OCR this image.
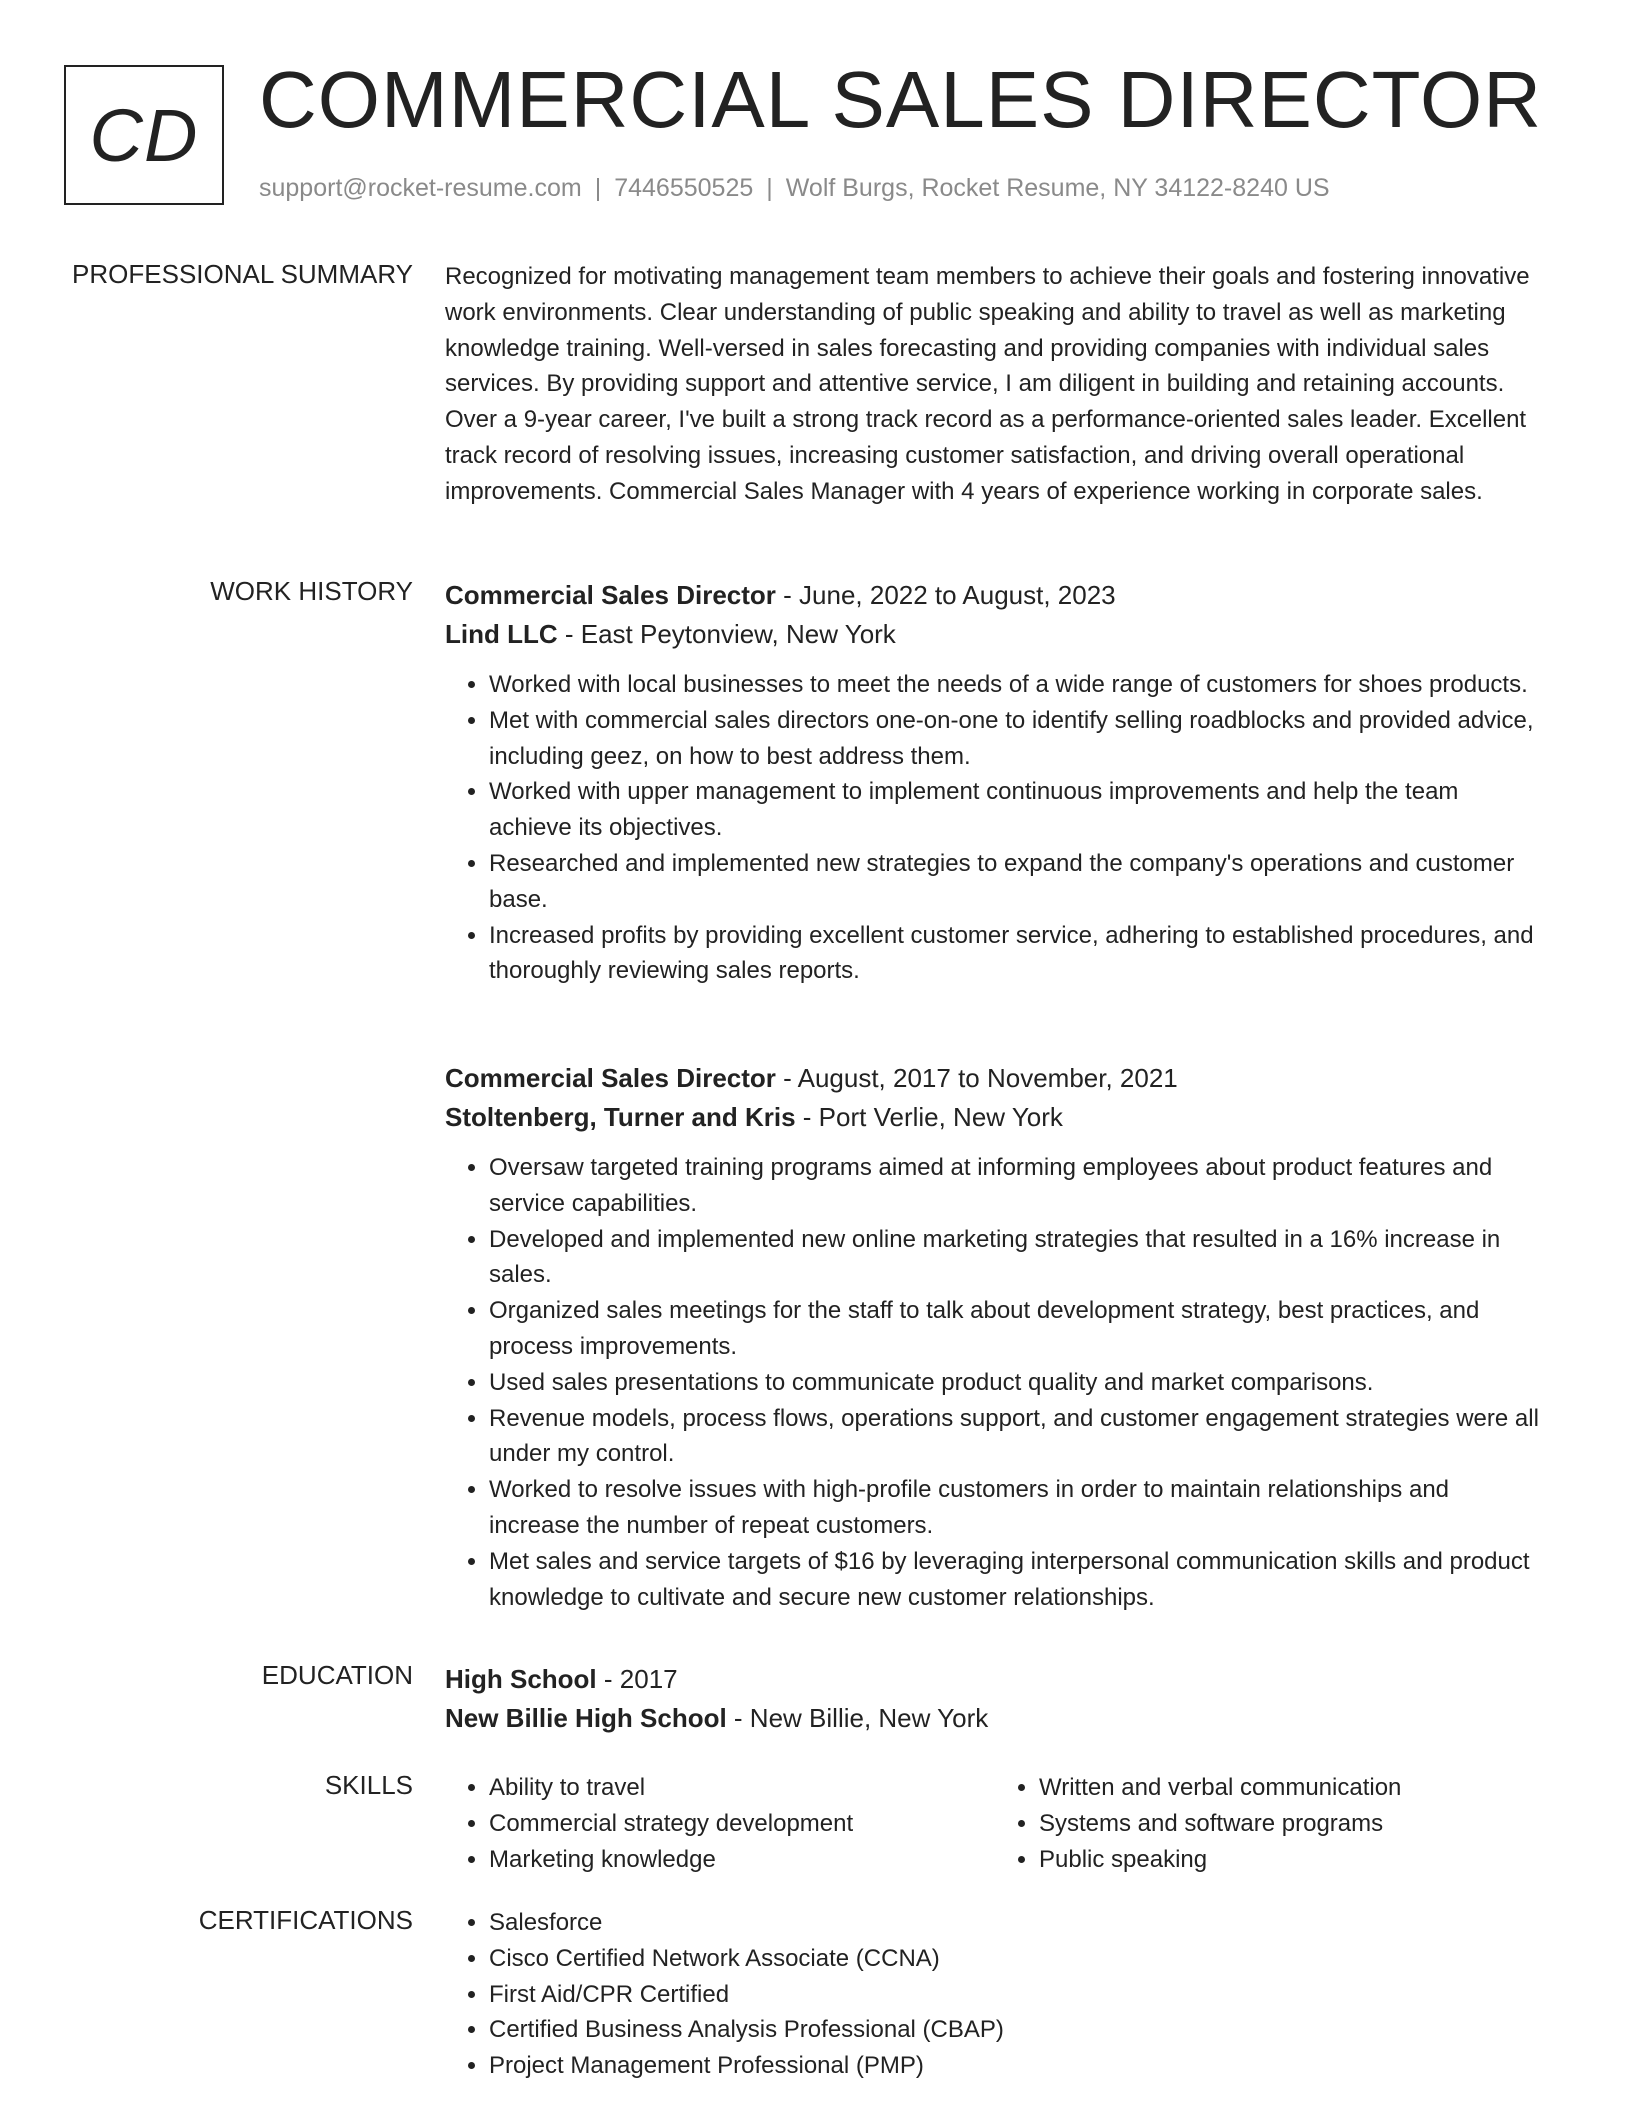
CD COMMERCIAL SALES DIRECTOR
support@rocket-resume.com | 7446550525 | Wolf Burgs, Rocket Resume, NY 34122-8240 US
PROFESSIONAL SUMMARY Recognized for motivating management team members to achieve their goals and fostering innovative work environments. Clear understanding of public speaking and ability to travel as well as marketing knowledge training. Well-versed in sales forecasting and providing companies with individual sales services. By providing support and attentive service, I am diligent in building and retaining accounts. Over a 9-year career, I've built a strong track record as a performance-oriented sales leader. Excellent track record of resolving issues, increasing customer satisfaction, and driving overall operational improvements. Commercial Sales Manager with 4 years of experience working in corporate sales.

WORK HISTORY Commercial Sales Director - June, 2022 to August, 2023

Lind LLC - East Peytonview, New York

• Worked with local businesses to meet the needs of a wide range of customers for shoes products.
• Met with commercial sales directors one-on-one to identify selling roadblocks and provided advice, including geez, on how to best address them.
• Worked with upper management to implement continuous improvements and help the team achieve its objectives.
• Researched and implemented new strategies to expand the company's operations and customer base.
• Increased profits by providing excellent customer service, adhering to established procedures, and thoroughly reviewing sales reports.

Commercial Sales Director - August, 2017 to November, 2021

Stoltenberg, Turner and Kris - Port Verlie, New York

• Oversaw targeted training programs aimed at informing employees about product features and service capabilities.
• Developed and implemented new online marketing strategies that resulted in a 16% increase in sales.
• Organized sales meetings for the staff to talk about development strategy, best practices, and process improvements.
• Used sales presentations to communicate product quality and market comparisons.
• Revenue models, process flows, operations support, and customer engagement strategies were all under my control.
• Worked to resolve issues with high-profile customers in order to maintain relationships and increase the number of repeat customers.
• Met sales and service targets of $16 by leveraging interpersonal communication skills and product knowledge to cultivate and secure new customer relationships.
EDUCATION High School - 2017

New Billie High School - New Billie, New York

SKILLS	• Ability to travel
• Commercial strategy development
• Marketing knowledge
• Written and verbal communication
• Systems and software programs
• Public speaking
CERTIFICATIONS	• Salesforce
• Cisco Certified Network Associate (CCNA)
• First Aid/CPR Certified
• Certified Business Analysis Professional (CBAP)
• Project Management Professional (PMP)
